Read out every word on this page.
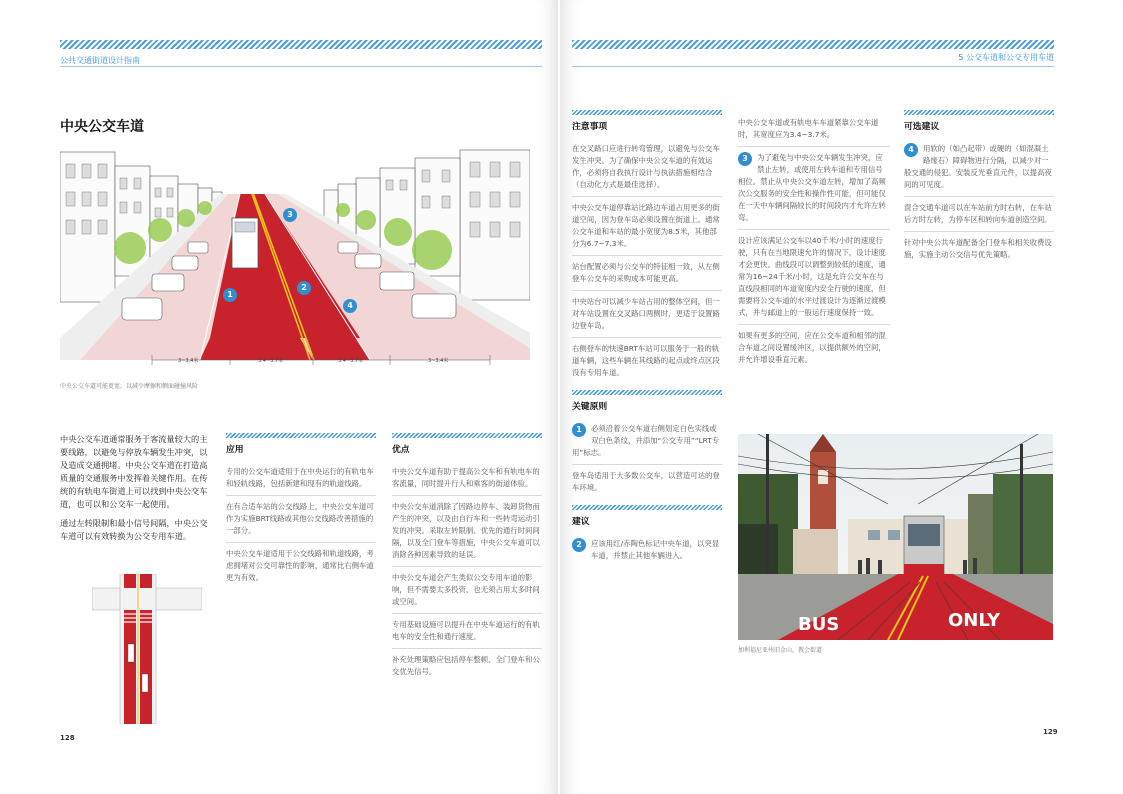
公共交通街道设计指南
中央公交车道
1
2
3
4
3~3.4米	3.4~3.7米	3.4~3.7米	3~3.4米
中央公交车道可能更宽，以减少摩擦和侧面碰撞风险

中央公交车道通常服务于客流量较大的主要线路，以避免与停放车辆发生冲突，以及造成交通拥堵。中央公交车道在打造高质量的交通服务中发挥着关键作用。在传统的有轨电车街道上可以找到中央公交车道，也可以和公交车一起使用。

通过左转限制和最小信号间隔，中央公交车道可以有效转换为公交专用车道。

应用

专用的公交车道适用于在中央运行的有轨电车和轻轨线路，包括新建和现有的轨道线路。

在有合适车站的公交线路上，中央公交车道可作为实施BRT线路或其他公交线路改善措施的一部分。

中央公交车道适用于公交线路和轨道线路，考虑拥堵对公交可靠性的影响，通常比右侧车道更为有效。

优点

中央公交车道有助于提高公交车和有轨电车的客流量，同时提升行人和乘客的街道体验。

中央公交车道消除了因路边停车、装卸货物而产生的冲突，以及由自行车和一些转弯运动引发的冲突。采取左转限制、优先的通行时间间隔，以及全门登车等措施，中央公交车道可以消除各种因素导致的延误。

中央公交车道会产生类似公交专用车道的影响，但不需要太多投资，也无须占用太多时间或空间。

专用基础设施可以提升在中央车道运行的有轨电车的安全性和通行速度。

补充处理策略应包括停车整顿、全门登车和公交优先信号。

128
5 公交车道和公交专用车道
注意事项

在交叉路口应进行转弯管理，以避免与公交车发生冲突。为了确保中央公交车道的有效运作，必须将自我执行设计与执法措施相结合（自动化方式是最佳选择）。

中央公交车道停靠站比路边车道占用更多的街道空间，因为登车岛必须设置在街道上。通常公交车道和车站的最小宽度为8.5米，其他部分为6.7~7.3米。

站台配置必须与公交车的特征相一致，从左侧登车公交车的采购成本可能更高。

中央站台可以减少车站占用的整体空间，但一对车站设置在交叉路口两侧时，更适于设置路边登车岛。

右侧登车的快速BRT车站可以服务于一般的轨道车辆，这些车辆在其线路的起点或终点区段没有专用车道。

关键原则

1	必须沿着公交车道右侧划定白色实线或双白色条纹，并添加“公交专用”“LRT专用”标志。

登车岛适用于大多数公交车，以营造可达的登车环境。

建议

2	应该用红/赤陶色标记中央车道，以突显车道，并禁止其他车辆进入。

中央公交车道或有轨电车车道紧靠公交车道时，其宽度应为3.4~3.7米。

3	为了避免与中央公交车辆发生冲突，应禁止左转，或使用左转车道和专用信号相位。禁止从中央公交车道左转，增加了高频次公交服务的安全性和操作性可能，但可能仅在一天中车辆间隔较长的时间段内才允许左转弯。

设计应该满足公交车以40千米/小时的速度行驶，只有在当地限速允许的情况下，设计速度才会更快。曲线段可以调整到较低的速度，通常为16~24千米/小时，这是允许公交车在与直线段相同的车道宽度内安全行驶的速度，但需要将公交车道的水平过渡设计为逐渐过渡模式，并与邮道上的一般运行速度保持一致。

如果有更多的空间，应在公交车道和相邻的混合车道之间设置缓冲区，以提供额外的空间，并允许增设垂直元素。

可选建议

4	用软的（如凸起带）或硬的（如混凝土路缘石）障碍物进行分隔，以减少对一般交通的侵犯。安装反光垂直元件，以提高夜间的可见度。

混合交通车道可以在车站前方时右转，在车站后方时左转，为停车区和转向车道创造空间。

针对中央公共车道配备全门登车和相关收费设施，实施主动公交信号优先策略。

BUS	ONLY
加利福尼亚州旧金山，教会街道
129
